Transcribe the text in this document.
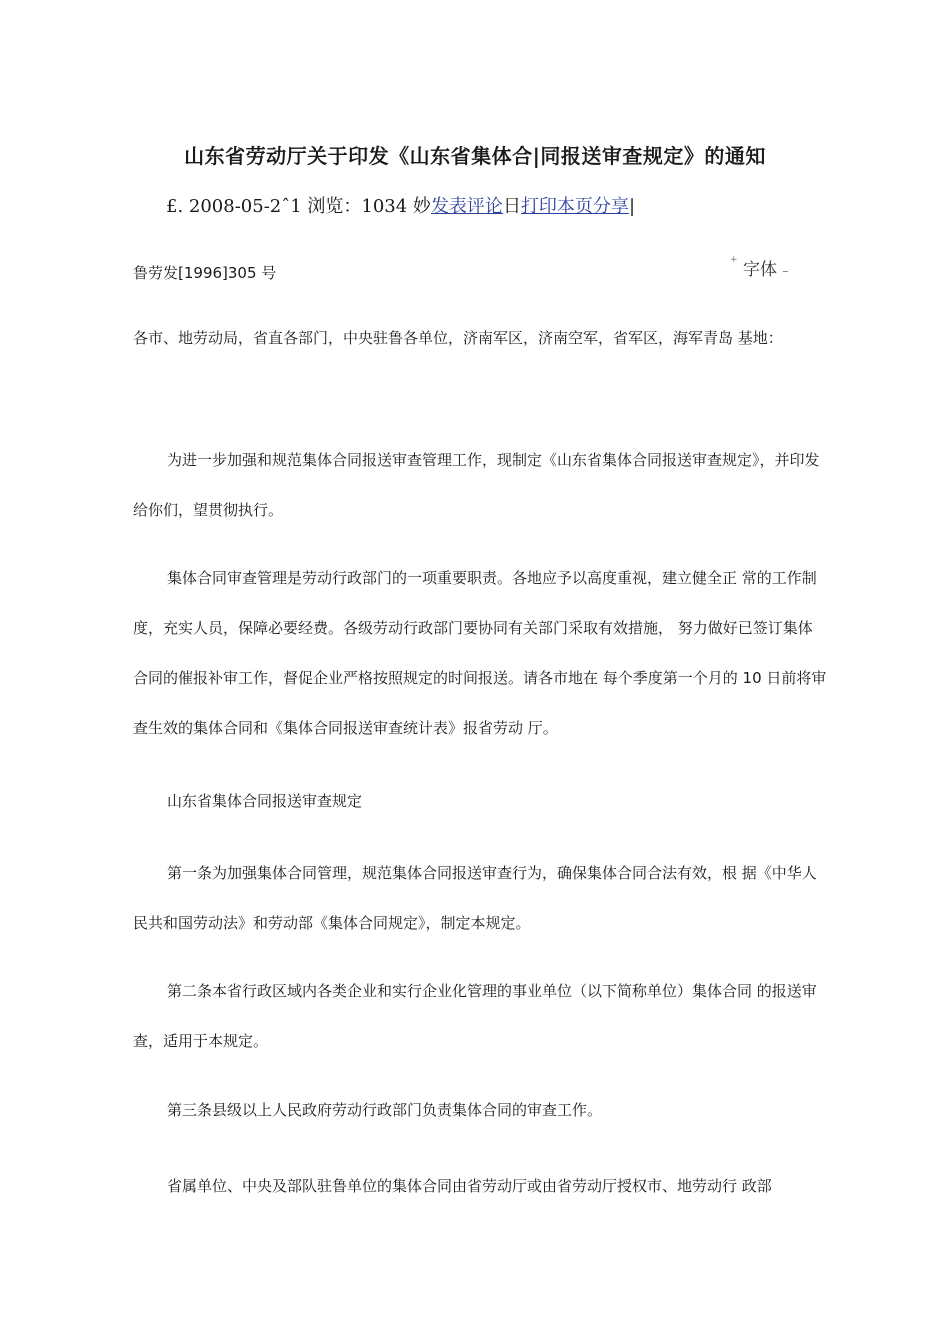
山东省劳动厅关于印发《山东省集体合|同报送审查规定》的通知
£. 2008-05-2ˆ1 浏览：1034 妙发表评论日打印本页分享|
鲁劳发[1996]305 号
+ 字体 –

各市、地劳动局，省直各部门，中央驻鲁各单位，济南军区，济南空军，省军区，海军青岛 基地：

为进一步加强和规范集体合同报送审查管理工作，现制定《山东省集体合同报送审查规定》，并印发给你们，望贯彻执行。

集体合同审查管理是劳动行政部门的一项重要职责。各地应予以高度重视，建立健全正 常的工作制度，充实人员，保障必要经费。各级劳动行政部门要协同有关部门采取有效措施， 努力做好已签订集体合同的催报补审工作，督促企业严格按照规定的时间报送。请各市地在 每个季度第一个月的 10 日前将审查生效的集体合同和《集体合同报送审查统计表》报省劳动 厅。

山东省集体合同报送审查规定

第一条为加强集体合同管理，规范集体合同报送审查行为，确保集体合同合法有效，根 据《中华人民共和国劳动法》和劳动部《集体合同规定》，制定本规定。

第二条本省行政区域内各类企业和实行企业化管理的事业单位（以下简称单位）集体合同 的报送审查，适用于本规定。

第三条县级以上人民政府劳动行政部门负责集体合同的审查工作。

省属单位、中央及部队驻鲁单位的集体合同由省劳动厅或由省劳动厅授权市、地劳动行 政部
